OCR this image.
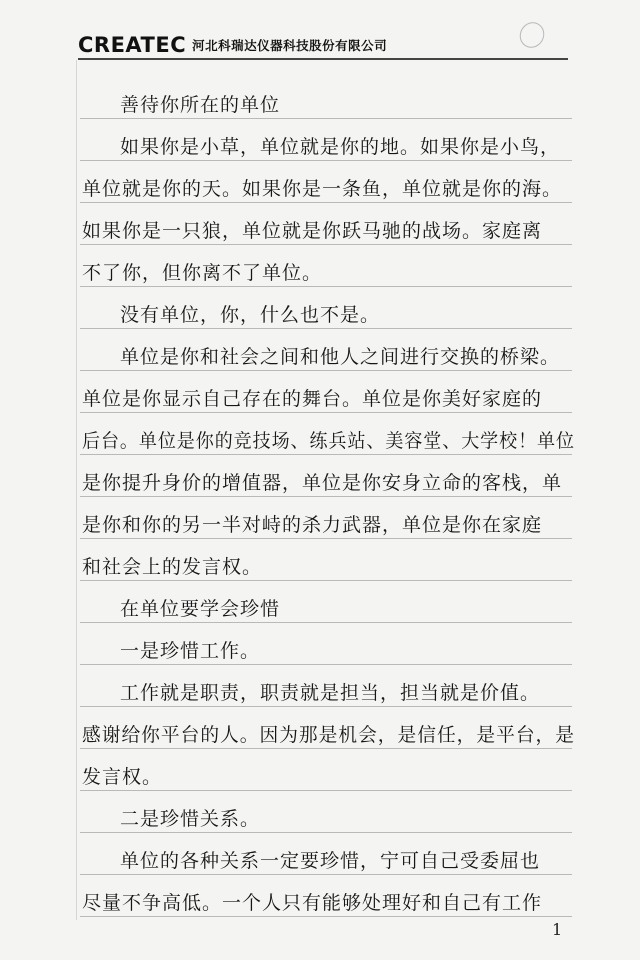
CREATEC 河北科瑞达仪器科技股份有限公司
善待你所在的单位
如果你是小草，单位就是你的地。如果你是小鸟，
单位就是你的天。如果你是一条鱼，单位就是你的海。
如果你是一只狼，单位就是你跃马驰的战场。家庭离
不了你，但你离不了单位。
没有单位，你，什么也不是。
单位是你和社会之间和他人之间进行交换的桥梁。
单位是你显示自己存在的舞台。单位是你美好家庭的
后台。单位是你的竞技场、练兵站、美容堂、大学校！单位
是你提升身价的增值器，单位是你安身立命的客栈，单
是你和你的另一半对峙的杀力武器，单位是你在家庭
和社会上的发言权。
在单位要学会珍惜
一是珍惜工作。
工作就是职责，职责就是担当，担当就是价值。
感谢给你平台的人。因为那是机会，是信任，是平台，是
发言权。
二是珍惜关系。
单位的各种关系一定要珍惜，宁可自己受委屈也
尽量不争高低。一个人只有能够处理好和自己有工作
1
